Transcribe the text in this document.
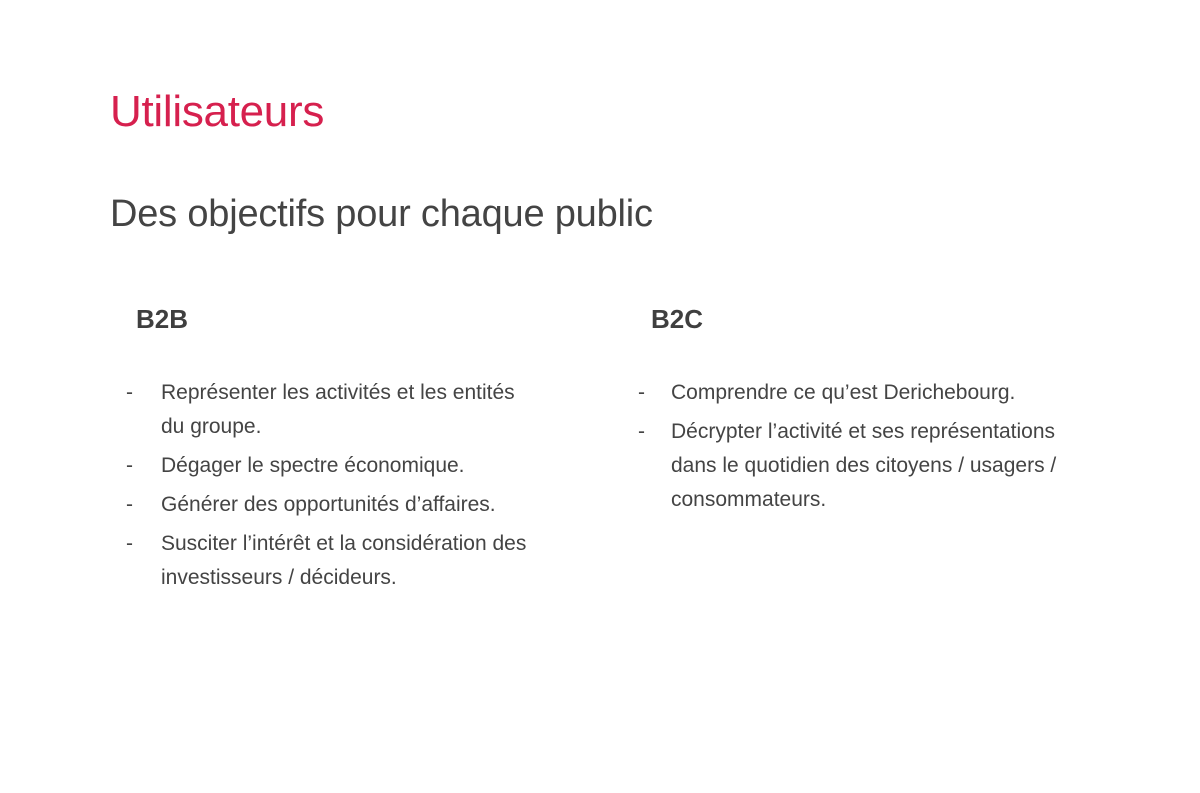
Utilisateurs
Des objectifs pour chaque public
B2B
- Représenter les activités et les entités du groupe.
- Dégager le spectre économique.
- Générer des opportunités d’affaires.
- Susciter l’intérêt et la considération des investisseurs / décideurs.
B2C
- Comprendre ce qu’est Derichebourg.
- Décrypter l’activité et ses représentations dans le quotidien des citoyens / usagers / consommateurs.
